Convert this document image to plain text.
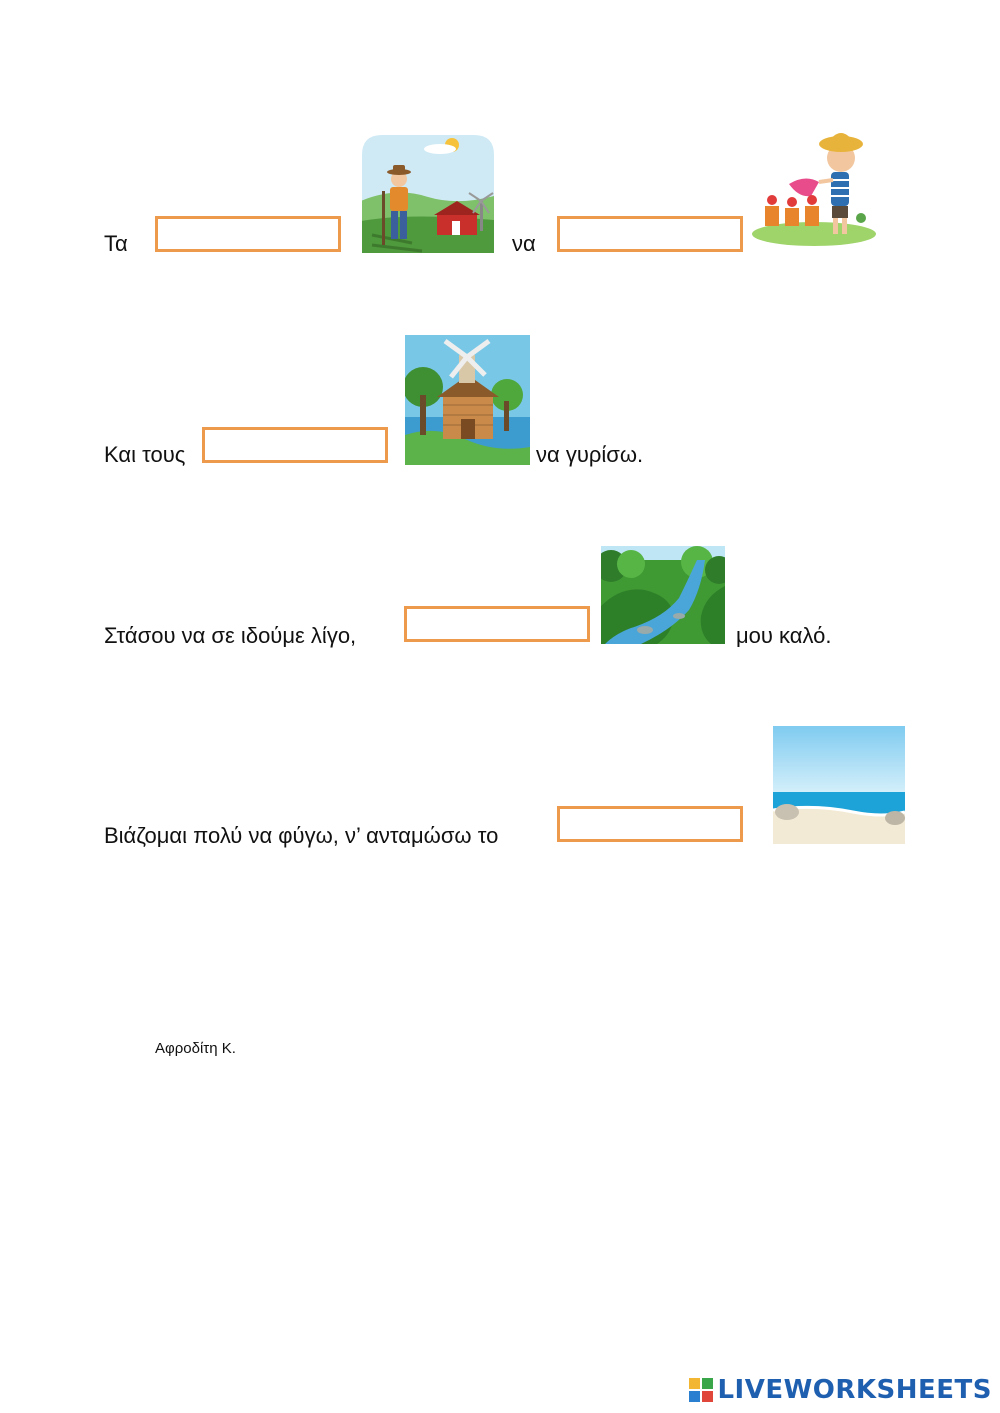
Τα	να
Και τους	να γυρίσω.
Στάσου να σε ιδούμε λίγο,	μου καλό.
Βιάζομαι πολύ να φύγω, ν’ ανταμώσω το
Αφροδίτη Κ.
LIVEWORKSHEETS
